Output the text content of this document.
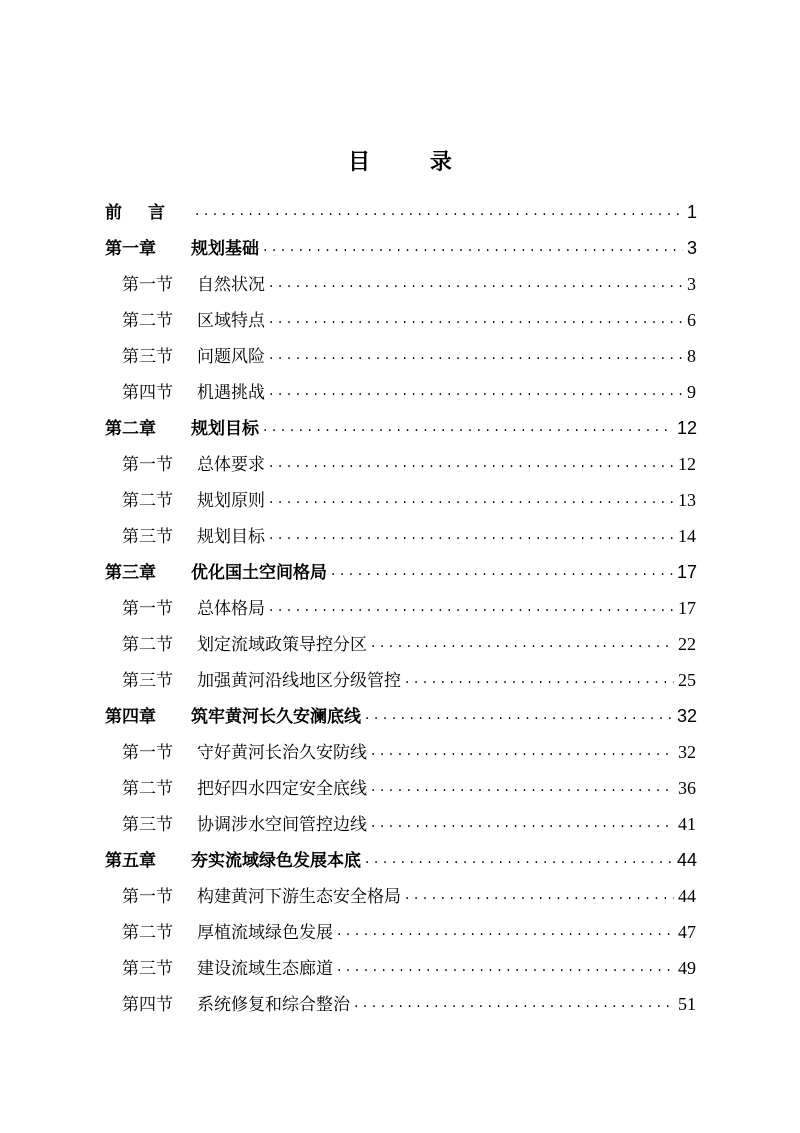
目 录
前言 . . .	1
第一章 规划基础 . . .	3
第一节 自然状况 . . .	3
第二节 区域特点 . . .	6
第三节 问题风险 . . .	8
第四节 机遇挑战 . . .	9
第二章 规划目标 . . .	12
第一节 总体要求 . . .	12
第二节 规划原则 . . .	13
第三节 规划目标 . . .	14
第三章 优化国土空间格局 . . .	17
第一节 总体格局 . . .	17
第二节 划定流域政策导控分区 . . .	22
第三节 加强黄河沿线地区分级管控 . . .	25
第四章 筑牢黄河长久安澜底线 . . .	32
第一节 守好黄河长治久安防线 . . .	32
第二节 把好四水四定安全底线 . . .	36
第三节 协调涉水空间管控边线 . . .	41
第五章 夯实流域绿色发展本底 . . .	44
第一节 构建黄河下游生态安全格局 . . .	44
第二节 厚植流域绿色发展 . . .	47
第三节 建设流域生态廊道 . . .	49
第四节 系统修复和综合整治 . . .	51
